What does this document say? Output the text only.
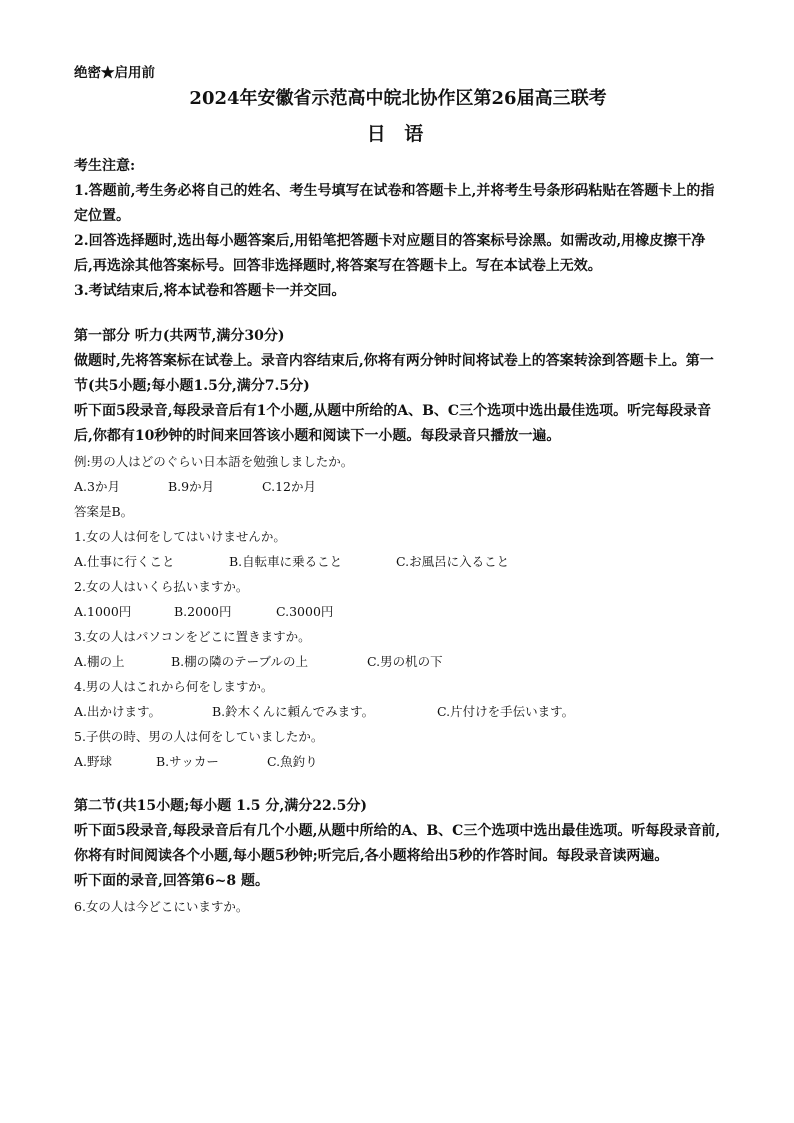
绝密★启用前
2024年安徽省示范高中皖北协作区第26届高三联考
日 语
考生注意:
1.答题前,考生务必将自己的姓名、考生号填写在试卷和答题卡上,并将考生号条形码粘贴在答题卡上的指定位置。
2.回答选择题时,选出每小题答案后,用铅笔把答题卡对应题目的答案标号涂黑。如需改动,用橡皮擦干净后,再选涂其他答案标号。回答非选择题时,将答案写在答题卡上。写在本试卷上无效。
3.考试结束后,将本试卷和答题卡一并交回。
第一部分 听力(共两节,满分30分)
做题时,先将答案标在试卷上。录音内容结束后,你将有两分钟时间将试卷上的答案转涂到答题卡上。第一节(共5小题;每小题1.5分,满分7.5分)
听下面5段录音,每段录音后有1个小题,从题中所给的A、B、C三个选项中选出最佳选项。听完每段录音后,你都有10秒钟的时间来回答该小题和阅读下一小题。每段录音只播放一遍。
例:男の人はどのぐらい日本語を勉強しましたか。
A.3か月	B.9か月	C.12か月
答案是B。
1.女の人は何をしてはいけませんか。
A.仕事に行くこと	B.自転車に乗ること	C.お風呂に入ること
2.女の人はいくら払いますか。
A.1000円	B.2000円	C.3000円
3.女の人はパソコンをどこに置きますか。
A.棚の上	B.棚の隣のテーブルの上	C.男の机の下
4.男の人はこれから何をしますか。
A.出かけます。	B.鈴木くんに頼んでみます。	C.片付けを手伝います。
5.子供の時、男の人は何をしていましたか。
A.野球	B.サッカー	C.魚釣り
第二节(共15小题;每小题 1.5 分,满分22.5分)
听下面5段录音,每段录音后有几个小题,从题中所给的A、B、C三个选项中选出最佳选项。听每段录音前,你将有时间阅读各个小题,每小题5秒钟;听完后,各小题将给出5秒的作答时间。每段录音读两遍。
听下面的录音,回答第6~8 题。
6.女の人は今どこにいますか。
